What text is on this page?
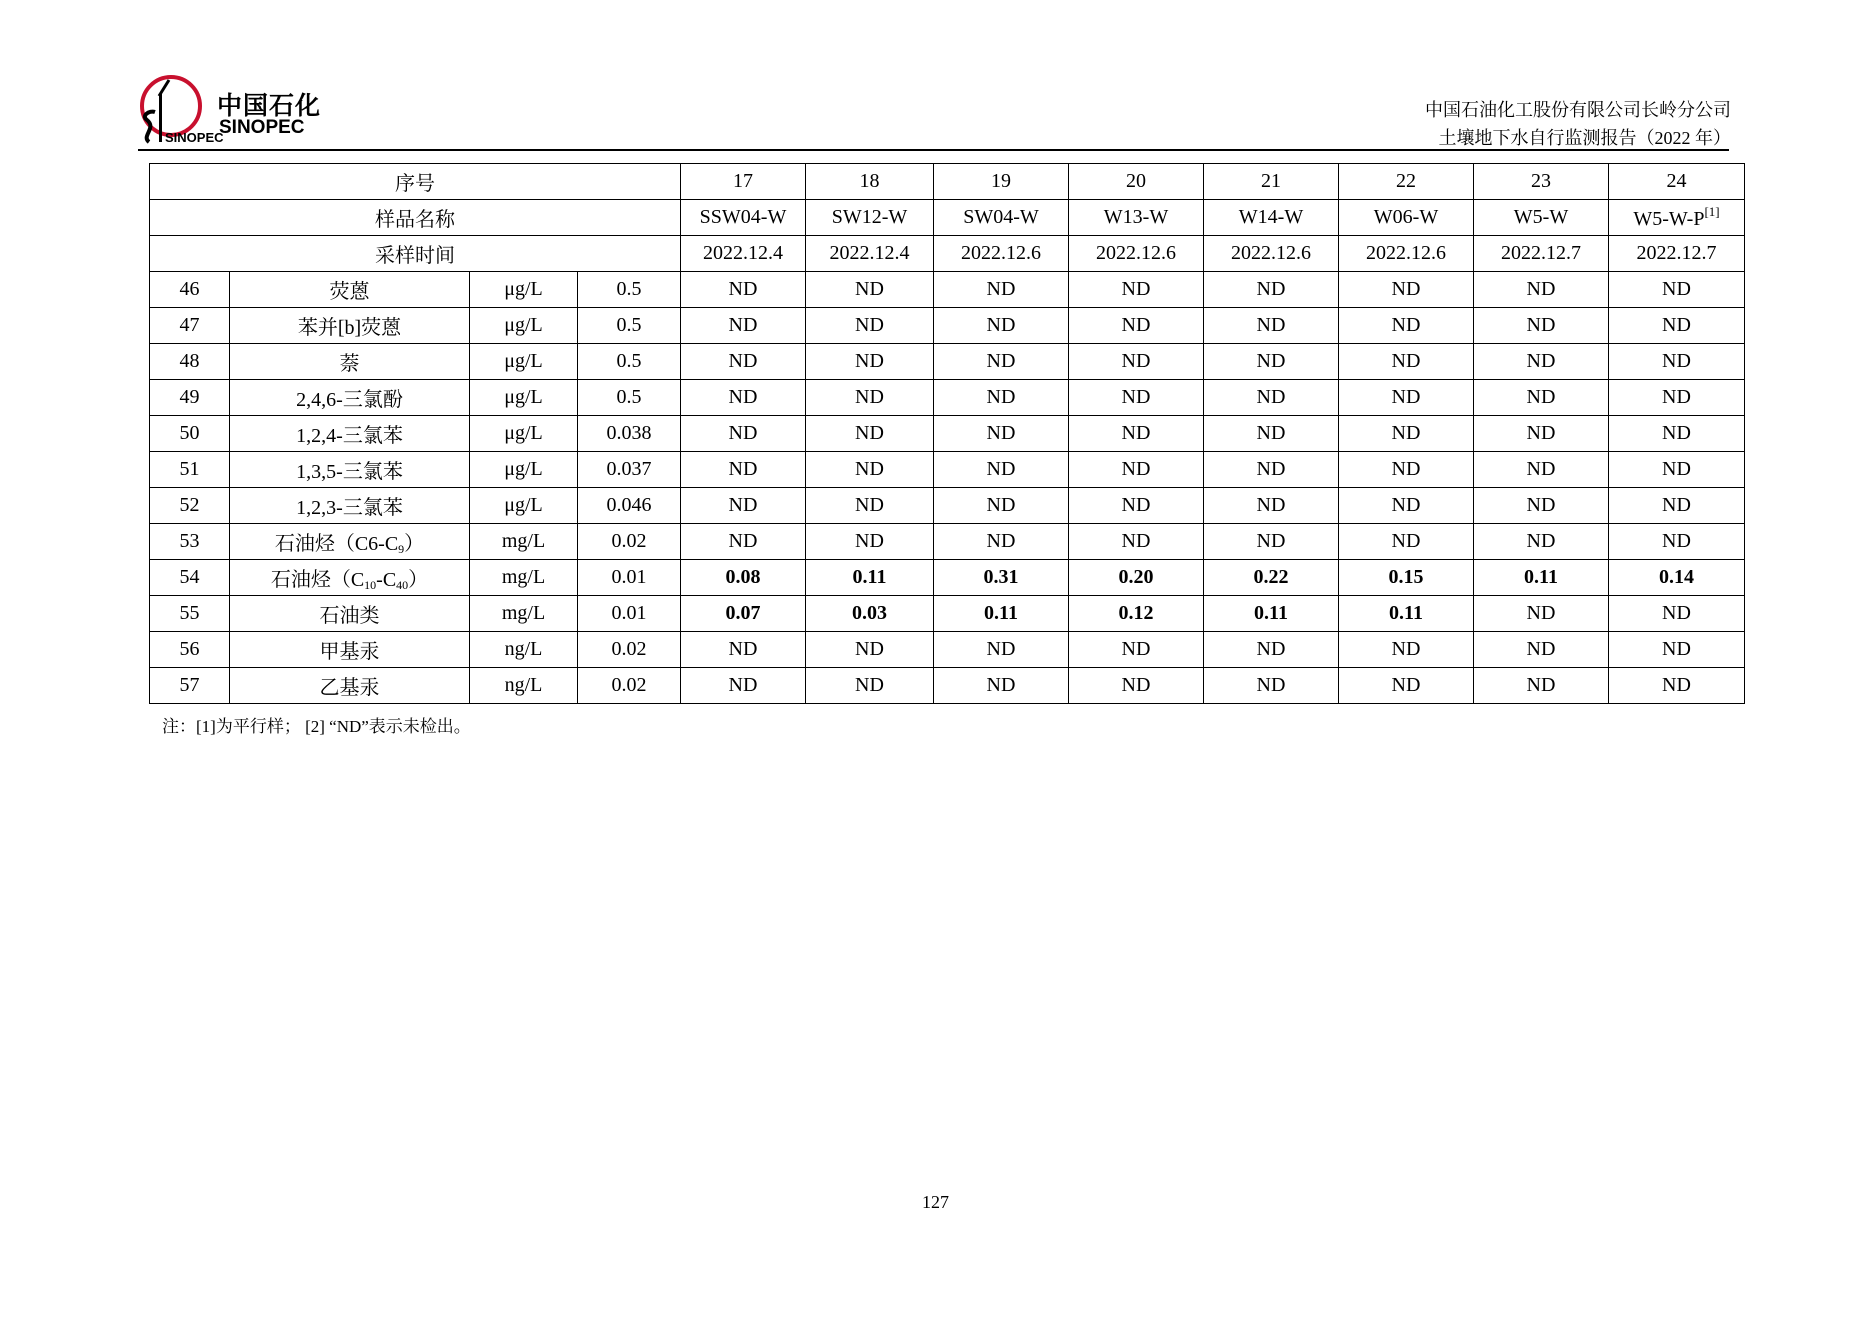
SINOPEC
中国石化
SINOPEC
中国石油化工股份有限公司长岭分公司
土壤地下水自行监测报告（2022 年）
序号				17	18	19	20	21	22	23	24
样品名称				SSW04-W	SW12-W	SW04-W	W13-W	W14-W	W06-W	W5-W	W5-W-P[1]
采样时间				2022.12.4	2022.12.4	2022.12.6	2022.12.6	2022.12.6	2022.12.6	2022.12.7	2022.12.7
46	荧蒽	μg/L	0.5	ND	ND	ND	ND	ND	ND	ND	ND
47	苯并[b]荧蒽	μg/L	0.5	ND	ND	ND	ND	ND	ND	ND	ND
48	萘	μg/L	0.5	ND	ND	ND	ND	ND	ND	ND	ND
49	2,4,6-三氯酚	μg/L	0.5	ND	ND	ND	ND	ND	ND	ND	ND
50	1,2,4-三氯苯	μg/L	0.038	ND	ND	ND	ND	ND	ND	ND	ND
51	1,3,5-三氯苯	μg/L	0.037	ND	ND	ND	ND	ND	ND	ND	ND
52	1,2,3-三氯苯	μg/L	0.046	ND	ND	ND	ND	ND	ND	ND	ND
53	石油烃$(C6-C_9)$	mg/L	0.02	ND	ND	ND	ND	ND	ND	ND	ND
54	石油烃$(C_{10}-C_{40})$	mg/L	0.01	0.08	0.11	0.31	0.20	0.22	0.15	0.11	0.14
55	石油类	mg/L	0.01	0.07	0.03	0.11	0.12	0.11	0.11	ND	ND
56	甲基汞	ng/L	0.02	ND	ND	ND	ND	ND	ND	ND	ND
57	乙基汞	ng/L	0.02	ND	ND	ND	ND	ND	ND	ND	ND
注：[1]为平行样； [2] “ND”表示未检出。
127
